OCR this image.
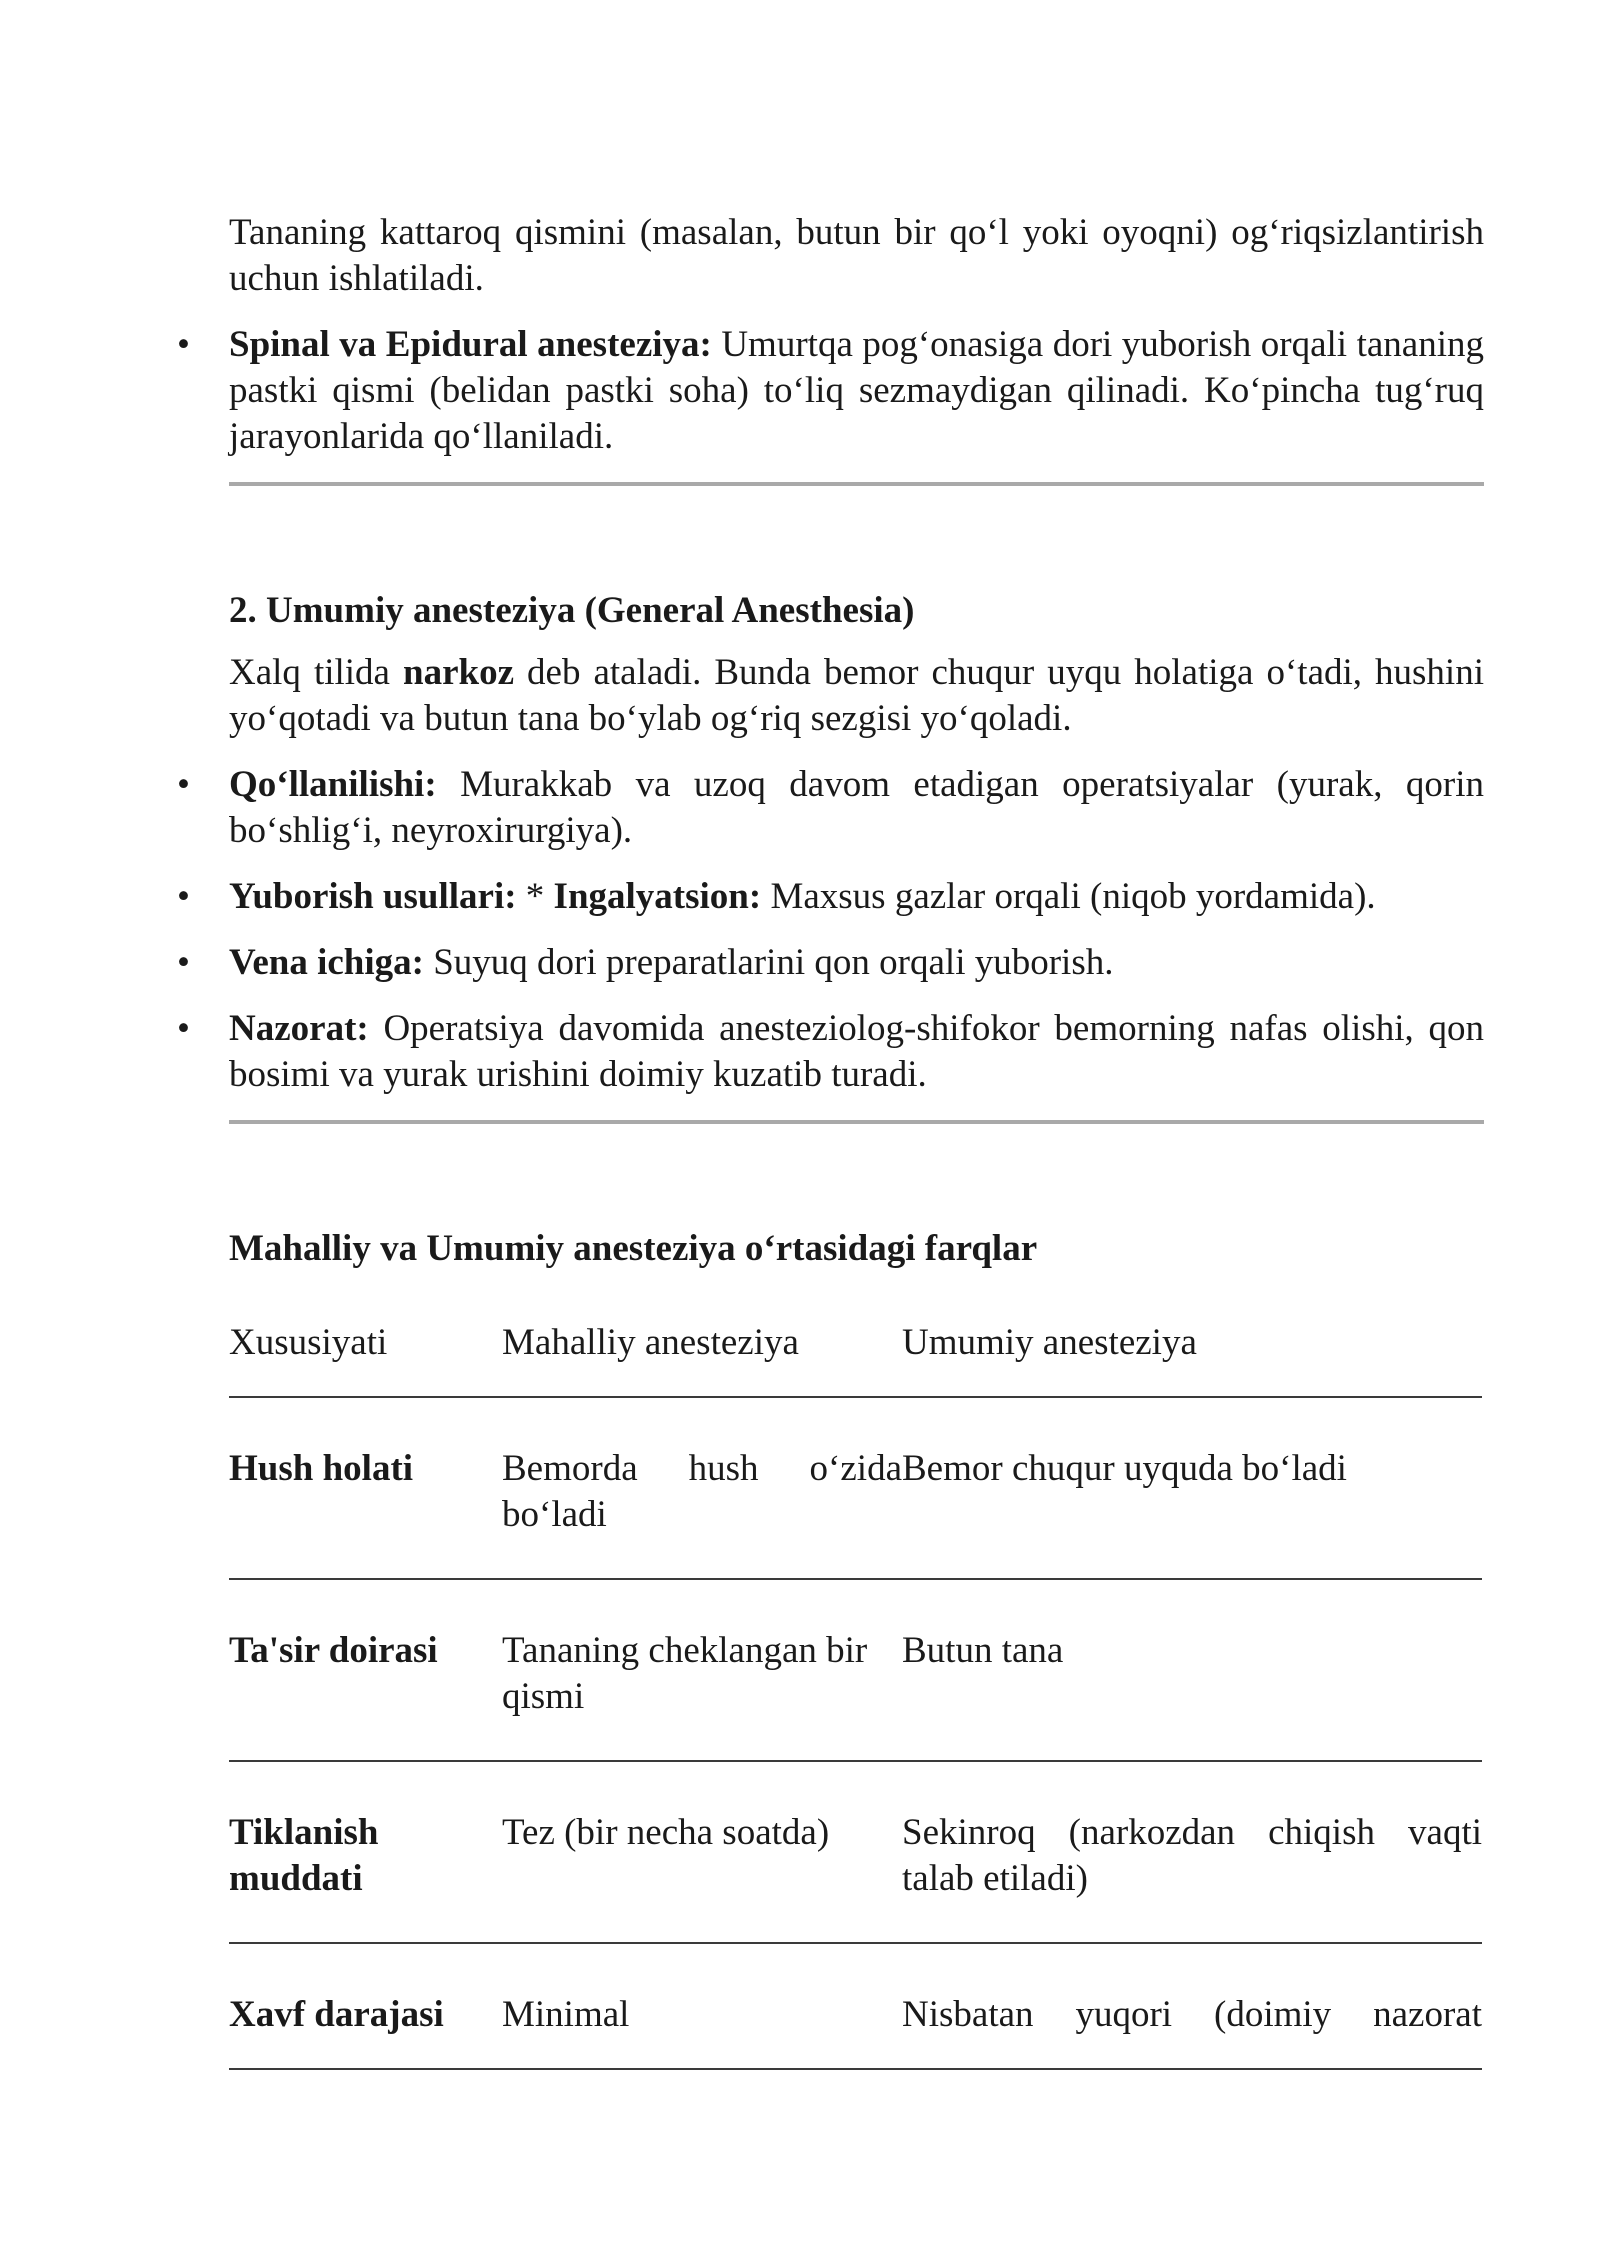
Tananing kattaroq qismini (masalan, butun bir qo‘l yoki oyoqni) og‘riqsizlantirish uchun ishlatiladi.

• Spinal va Epidural anesteziya: Umurtqa pog‘onasiga dori yuborish orqali tananing pastki qismi (belidan pastki soha) to‘liq sezmaydigan qilinadi. Ko‘pincha tug‘ruq jarayonlarida qo‘llaniladi.

2. Umumiy anesteziya (General Anesthesia)

Xalq tilida narkoz deb ataladi. Bunda bemor chuqur uyqu holatiga o‘tadi, hushini yo‘qotadi va butun tana bo‘ylab og‘riq sezgisi yo‘qoladi.

• Qo‘llanilishi: Murakkab va uzoq davom etadigan operatsiyalar (yurak, qorin bo‘shlig‘i, neyroxirurgiya).
• Yuborish usullari: * Ingalyatsion: Maxsus gazlar orqali (niqob yordamida).
• Vena ichiga: Suyuq dori preparatlarini qon orqali yuborish.
• Nazorat: Operatsiya davomida anesteziolog-shifokor bemorning nafas olishi, qon bosimi va yurak urishini doimiy kuzatib turadi.

Mahalliy va Umumiy anesteziya o‘rtasidagi farqlar

Xususiyati	Mahalliy anesteziya	Umumiy anesteziya

Hush holati	Bemorda hush o‘zida bo‘ladi	Bemor chuqur uyquda bo‘ladi

Ta'sir doirasi	Tananing cheklangan bir qismi	Butun tana

Tiklanish muddati	Tez (bir necha soatda)	Sekinroq (narkozdan chiqish vaqti talab etiladi)

Xavf darajasi	Minimal	Nisbatan yuqori (doimiy nazorat
